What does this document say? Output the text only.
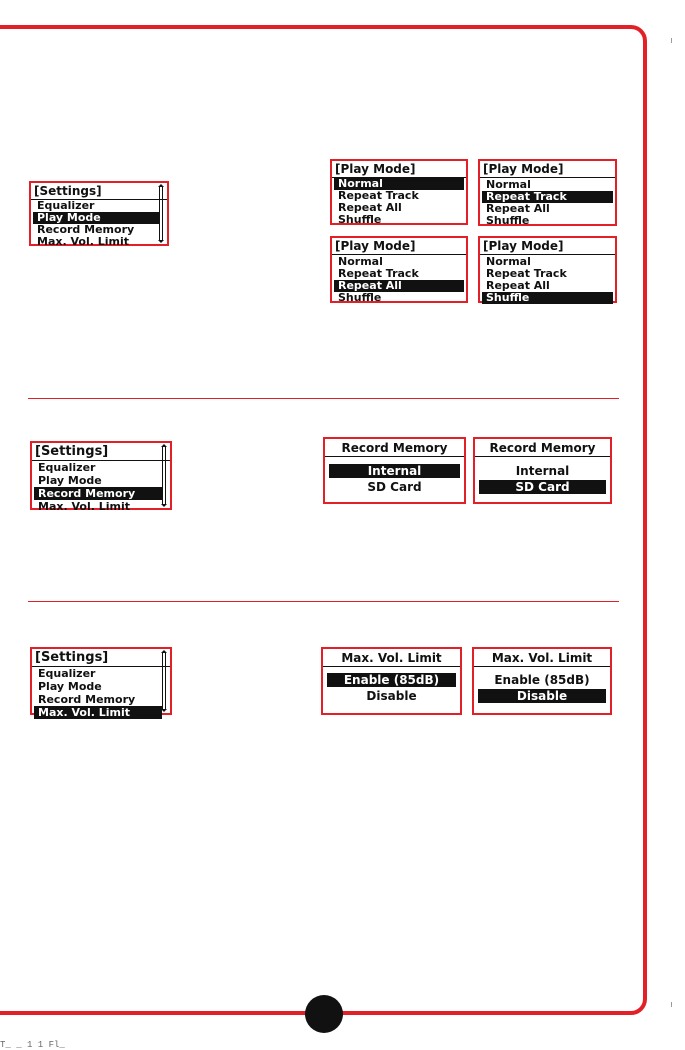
[Settings]
Equalizer
Play Mode
Record Memory
Max. Vol. Limit
[Play Mode]
Normal
Repeat Track
Repeat All
Shuffle
[Play Mode]
Normal
Repeat Track
Repeat All
Shuffle
[Play Mode]
Normal
Repeat Track
Repeat All
Shuffle
[Play Mode]
Normal
Repeat Track
Repeat All
Shuffle
[Settings]
Equalizer
Play Mode
Record Memory
Max. Vol. Limit
Record Memory
Internal
SD Card
Record Memory
Internal
SD Card
[Settings]
Equalizer
Play Mode
Record Memory
Max. Vol. Limit
Max. Vol. Limit
Enable (85dB)
Disable
Max. Vol. Limit
Enable (85dB)
Disable
T_ _ 1 1 Fl_
